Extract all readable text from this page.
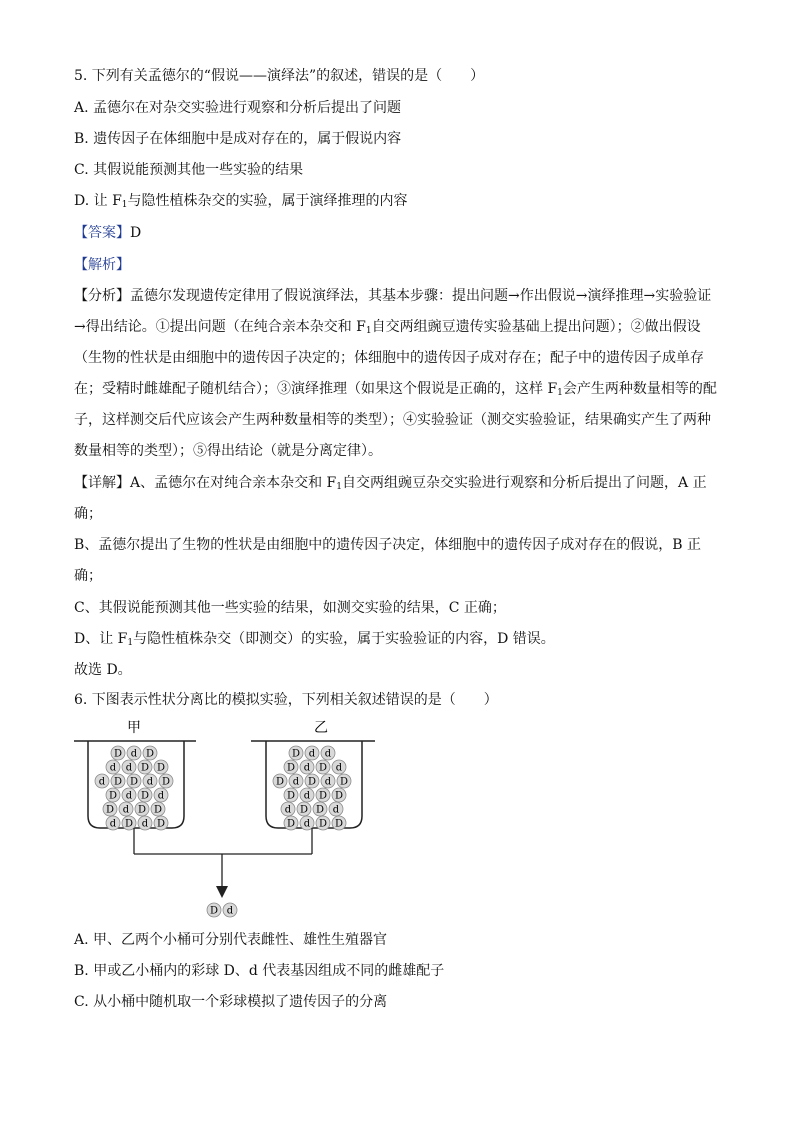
5. 下列有关孟德尔的“假说——演绎法”的叙述，错误的是（　　）
A. 孟德尔在对杂交实验进行观察和分析后提出了问题
B. 遗传因子在体细胞中是成对存在的，属于假说内容
C. 其假说能预测其他一些实验的结果
D. 让 $F_1$与隐性植株杂交的实验，属于演绎推理的内容
【答案】D
【解析】
【分析】孟德尔发现遗传定律用了假说演绎法，其基本步骤：提出问题→作出假说→演绎推理→实验验证
→得出结论。①提出问题（在纯合亲本杂交和 $F_1$自交两组豌豆遗传实验基础上提出问题）；②做出假设
（生物的性状是由细胞中的遗传因子决定的；体细胞中的遗传因子成对存在；配子中的遗传因子成单存
在；受精时雌雄配子随机结合）；③演绎推理（如果这个假说是正确的，这样 $F_1$会产生两种数量相等的配
子，这样测交后代应该会产生两种数量相等的类型）；④实验验证（测交实验验证，结果确实产生了两种
数量相等的类型）；⑤得出结论（就是分离定律）。
【详解】A、孟德尔在对纯合亲本杂交和 $F_1$自交两组豌豆杂交实验进行观察和分析后提出了问题，A 正
确；
B、孟德尔提出了生物的性状是由细胞中的遗传因子决定，体细胞中的遗传因子成对存在的假说，B 正
确；
C、其假说能预测其他一些实验的结果，如测交实验的结果，C 正确；
D、让 $F_1$与隐性植株杂交（即测交）的实验，属于实验验证的内容，D 错误。
故选 D。
6. 下图表示性状分离比的模拟实验，下列相关叙述错误的是（　　）
甲	乙
D d D
d d D D
d D D d D
D d D d
D d D D
d D d D
D d d
D d D d
D d D d D
D d D D
d D D d
D d D D
D d
A. 甲、乙两个小桶可分别代表雌性、雄性生殖器官
B. 甲或乙小桶内的彩球 D、d 代表基因组成不同的雌雄配子
C. 从小桶中随机取一个彩球模拟了遗传因子的分离
